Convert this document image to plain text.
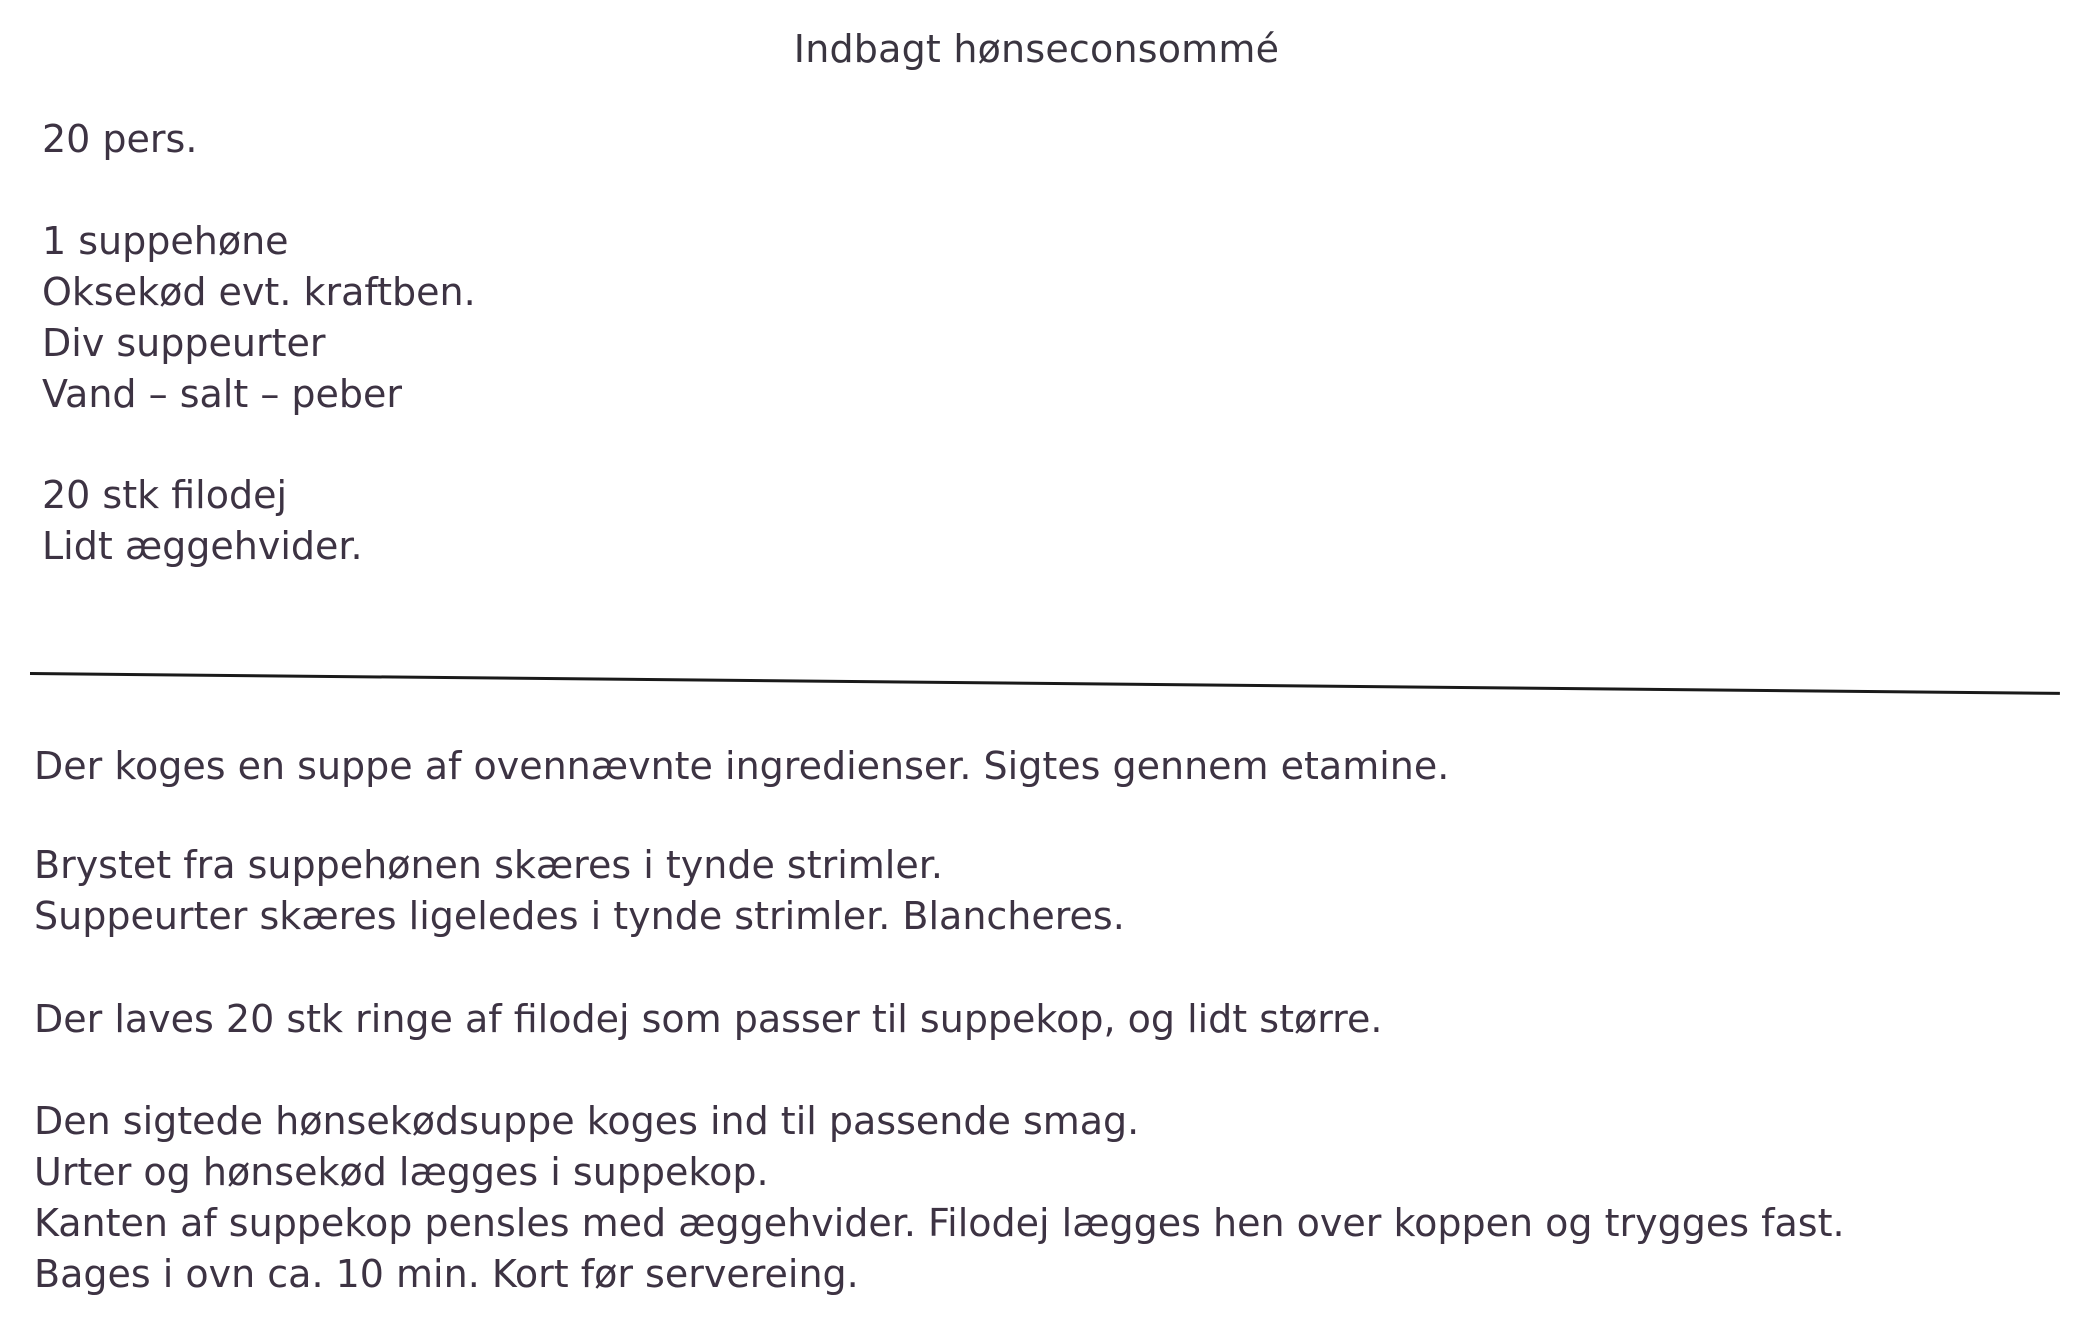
Indbagt hønseconsommé
20 pers.
1 suppehøne
Oksekød evt. kraftben.
Div suppeurter
Vand – salt – peber
20 stk filodej
Lidt æggehvider.
Der koges en suppe af ovennævnte ingredienser. Sigtes gennem etamine.
Brystet fra suppehønen skæres i tynde strimler.
Suppeurter skæres ligeledes i tynde strimler. Blancheres.
Der laves 20 stk ringe af filodej som passer til suppekop, og lidt større.
Den sigtede hønsekødsuppe koges ind til passende smag.
Urter og hønsekød lægges i suppekop.
Kanten af suppekop pensles med æggehvider. Filodej lægges hen over koppen og trygges fast.
Bages i ovn ca. 10 min. Kort før servereing.
